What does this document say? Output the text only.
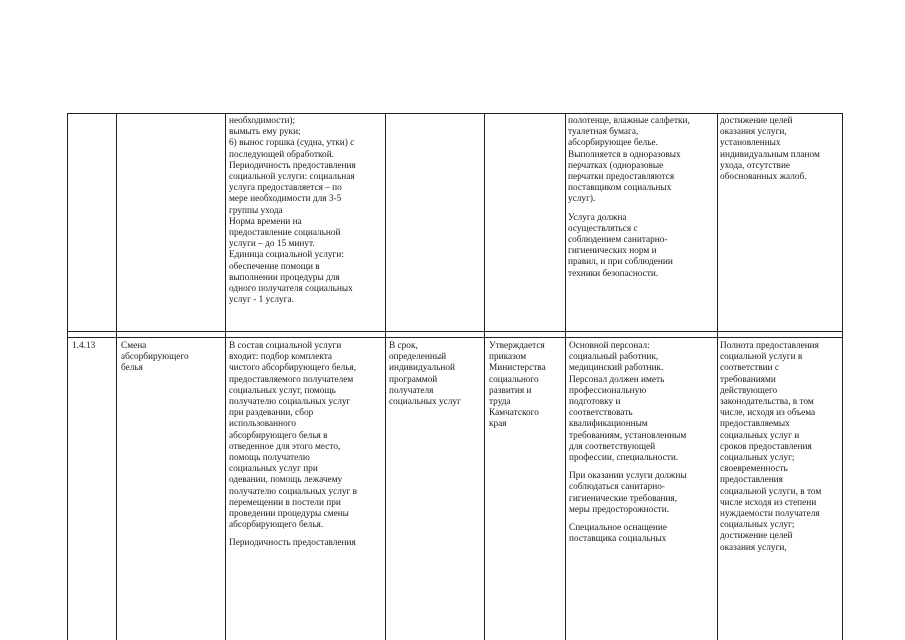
необходимости);
вымыть ему руки;
6) вынос горшка (судна, утки) с
последующей обработкой.
Периодичность предоставления
социальной услуги: социальная
услуга предоставляется – по
мере необходимости для 3-5
группы ухода
Норма времени на
предоставление социальной
услуги – до 15 минут.
Единица социальной услуги:
обеспечение помощи в
выполнении процедуры для
одного получателя социальных
услуг - 1 услуга.
полотенце, влажные салфетки,
туалетная бумага,
абсорбирующее белье.
Выполняется в одноразовых
перчатках (одноразовые
перчатки предоставляются
поставщиком социальных
услуг).
Услуга должна
осуществляться с
соблюдением санитарно-
гигиенических норм и
правил, и при соблюдении
техники безопасности.
достижение целей
оказания услуги,
установленных
индивидуальным планом
ухода, отсутствие
обоснованных жалоб.
1.4.13	Смена
абсорбирующего
белья
В состав социальной услуги
входит: подбор комплекта
чистого абсорбирующего белья,
предоставляемого получателем
социальных услуг, помощь
получателю социальных услуг
при раздевании, сбор
использованного
абсорбирующего белья в
отведенное для этого место,
помощь получателю
социальных услуг при
одевании, помощь лежачему
получателю социальных услуг в
перемещении в постели при
проведении процедуры смены
абсорбирующего белья.
Периодичность предоставления
В срок,
определенный
индивидуальной
программой
получателя
социальных услуг
Утверждается
приказом
Министерства
социального
развития и
труда
Камчатского
края
Основной персонал:
социальный работник,
медицинский работник.
Персонал должен иметь
профессиональную
подготовку и
соответствовать
квалификационным
требованиям, установленным
для соответствующей
профессии, специальности.
При оказании услуги должны
соблюдаться санитарно-
гигиенические требования,
меры предосторожности.
Специальное оснащение
поставщика социальных
Полнота предоставления
социальной услуги в
соответствии с
требованиями
действующего
законодательства, в том
числе, исходя из объема
предоставляемых
социальных услуг и
сроков предоставления
социальных услуг;
своевременность
предоставления
социальной услуги, в том
числе исходя из степени
нуждаемости получателя
социальных услуг;
достижение целей
оказания услуги,
